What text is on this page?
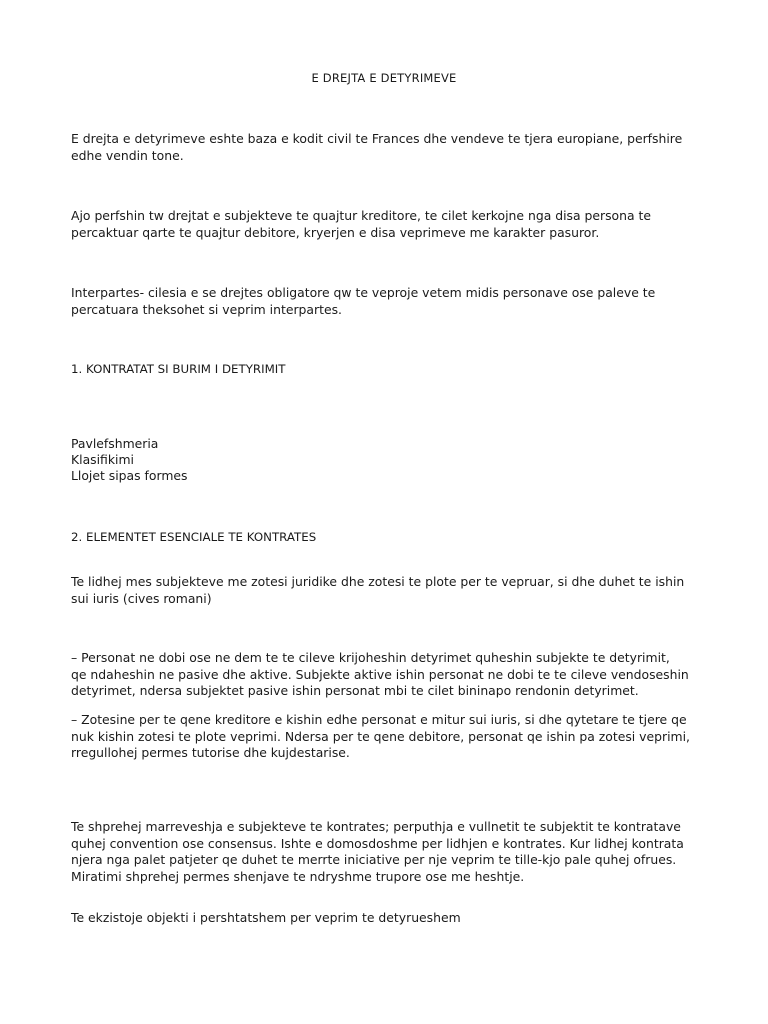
E DREJTA E DETYRIMEVE

E drejta e detyrimeve eshte baza e kodit civil te Frances dhe vendeve te tjera europiane, perfshire
edhe vendin tone.

Ajo perfshin tw drejtat e subjekteve te quajtur kreditore, te cilet kerkojne nga disa persona te
percaktuar qarte te quajtur debitore, kryerjen e disa veprimeve me karakter pasuror.

Interpartes- cilesia e se drejtes obligatore qw te veproje vetem midis personave ose paleve te
percatuara theksohet si veprim interpartes.

1. KONTRATAT SI BURIM I DETYRIMIT

Pavlefshmeria
Klasifikimi
Llojet sipas formes

2. ELEMENTET ESENCIALE TE KONTRATES

Te lidhej mes subjekteve me zotesi juridike dhe zotesi te plote per te vepruar, si dhe duhet te ishin
sui iuris (cives romani)

– Personat ne dobi ose ne dem te te cileve krijoheshin detyrimet quheshin subjekte te detyrimit,
qe ndaheshin ne pasive dhe aktive. Subjekte aktive ishin personat ne dobi te te cileve vendoseshin
detyrimet, ndersa subjektet pasive ishin personat mbi te cilet bininapo rendonin detyrimet.

– Zotesine per te qene kreditore e kishin edhe personat e mitur sui iuris, si dhe qytetare te tjere qe
nuk kishin zotesi te plote veprimi. Ndersa per te qene debitore, personat qe ishin pa zotesi veprimi,
rregullohej permes tutorise dhe kujdestarise.

Te shprehej marreveshja e subjekteve te kontrates; perputhja e vullnetit te subjektit te kontratave
quhej convention ose consensus. Ishte e domosdoshme per lidhjen e kontrates. Kur lidhej kontrata
njera nga palet patjeter qe duhet te merrte iniciative per nje veprim te tille-kjo pale quhej ofrues.
Miratimi shprehej permes shenjave te ndryshme trupore ose me heshtje.

Te ekzistoje objekti i pershtatshem per veprim te detyrueshem
